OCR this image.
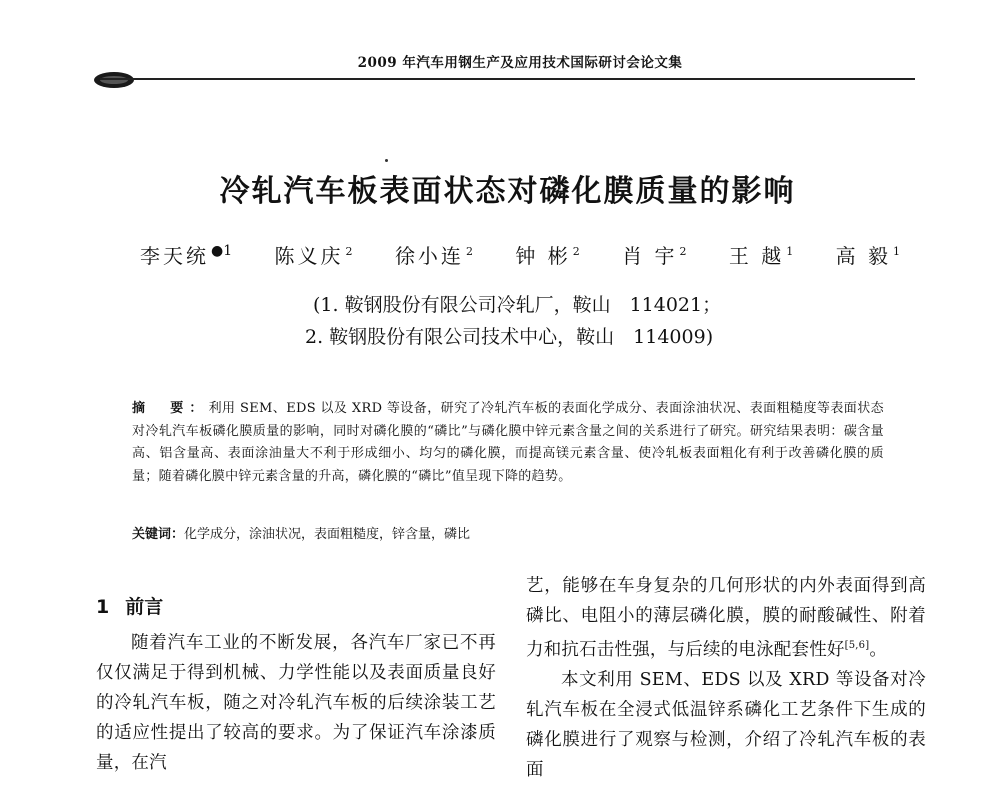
2009 年汽车用钢生产及应用技术国际研讨会论文集
冷轧汽车板表面状态对磷化膜质量的影响
李天统 $^{●1}$ 陈义庆 $^2$ 徐小连 $^2$ 钟 彬 $^2$ 肖 宇 $^2$ 王 越 $^1$ 高 毅 $^1$
(1. 鞍钢股份有限公司冷轧厂，鞍山　114021；
2. 鞍钢股份有限公司技术中心，鞍山　114009)
摘　要：利用 SEM、EDS 以及 XRD 等设备，研究了冷轧汽车板的表面化学成分、表面涂油状况、表面粗糙度等表面状态对冷轧汽车板磷化膜质量的影响，同时对磷化膜的“磷比”与磷化膜中锌元素含量之间的关系进行了研究。研究结果表明：碳含量高、铝含量高、表面涂油量大不利于形成细小、均匀的磷化膜，而提高镁元素含量、使冷轧板表面粗化有利于改善磷化膜的质量；随着磷化膜中锌元素含量的升高，磷化膜的“磷比”值呈现下降的趋势。
关键词：化学成分，涂油状况，表面粗糙度，锌含量，磷比
1 前言

随着汽车工业的不断发展，各汽车厂家已不再仅仅满足于得到机械、力学性能以及表面质量良好的冷轧汽车板，随之对冷轧汽车板的后续涂装工艺的适应性提出了较高的要求。为了保证汽车涂漆质量，在汽

艺，能够在车身复杂的几何形状的内外表面得到高磷比、电阻小的薄层磷化膜，膜的耐酸碱性、附着力和抗石击性强，与后续的电泳配套性好[5,6]。

本文利用 SEM、EDS 以及 XRD 等设备对冷轧汽车板在全浸式低温锌系磷化工艺条件下生成的磷化膜进行了观察与检测，介绍了冷轧汽车板的表面
